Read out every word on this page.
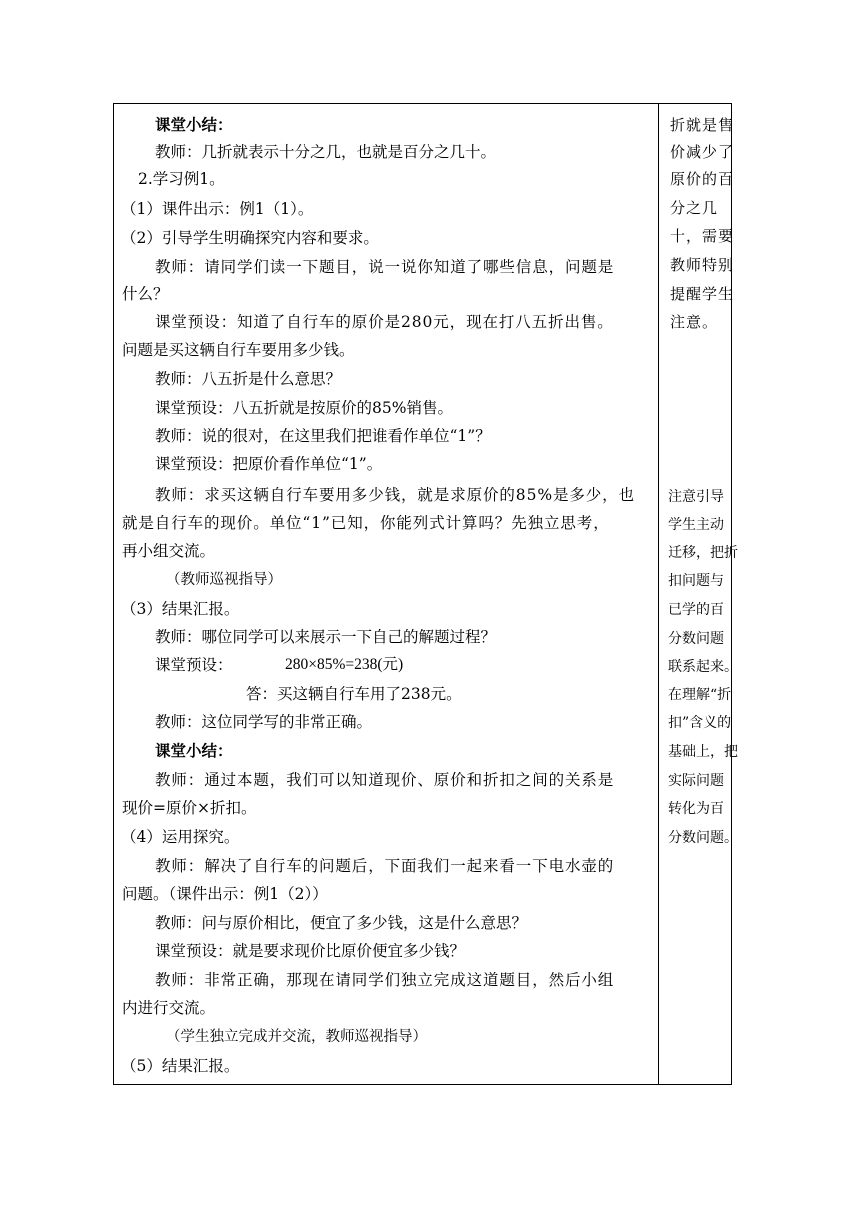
课堂小结：
教师：几折就表示十分之几，也就是百分之几十。
2.学习例1。
（1）课件出示：例1（1）。
（2）引导学生明确探究内容和要求。
教师：请同学们读一下题目，说一说你知道了哪些信息，问题是
什么？
课堂预设：知道了自行车的原价是280元，现在打八五折出售。
问题是买这辆自行车要用多少钱。
教师：八五折是什么意思？
课堂预设：八五折就是按原价的85%销售。
教师：说的很对，在这里我们把谁看作单位“1”？
课堂预设：把原价看作单位“1”。
教师：求买这辆自行车要用多少钱，就是求原价的85%是多少，也
就是自行车的现价。单位“1”已知，你能列式计算吗？先独立思考，
再小组交流。
（教师巡视指导）
（3）结果汇报。
教师：哪位同学可以来展示一下自己的解题过程？
课堂预设：	280×85%=238(元)
答：买这辆自行车用了238元。
教师：这位同学写的非常正确。
课堂小结：
教师：通过本题，我们可以知道现价、原价和折扣之间的关系是
现价=原价×折扣。
（4）运用探究。
教师：解决了自行车的问题后，下面我们一起来看一下电水壶的
问题。（课件出示：例1（2））
教师：问与原价相比，便宜了多少钱，这是什么意思？
课堂预设：就是要求现价比原价便宜多少钱？
教师：非常正确，那现在请同学们独立完成这道题目，然后小组
内进行交流。
（学生独立完成并交流，教师巡视指导）
（5）结果汇报。
折就是售
价减少了
原价的百
分之几
十，需要
教师特别
提醒学生
注意。
注意引导
学生主动
迁移，把折
扣问题与
已学的百
分数问题
联系起来。
在理解“折
扣”含义的
基础上，把
实际问题
转化为百
分数问题。
